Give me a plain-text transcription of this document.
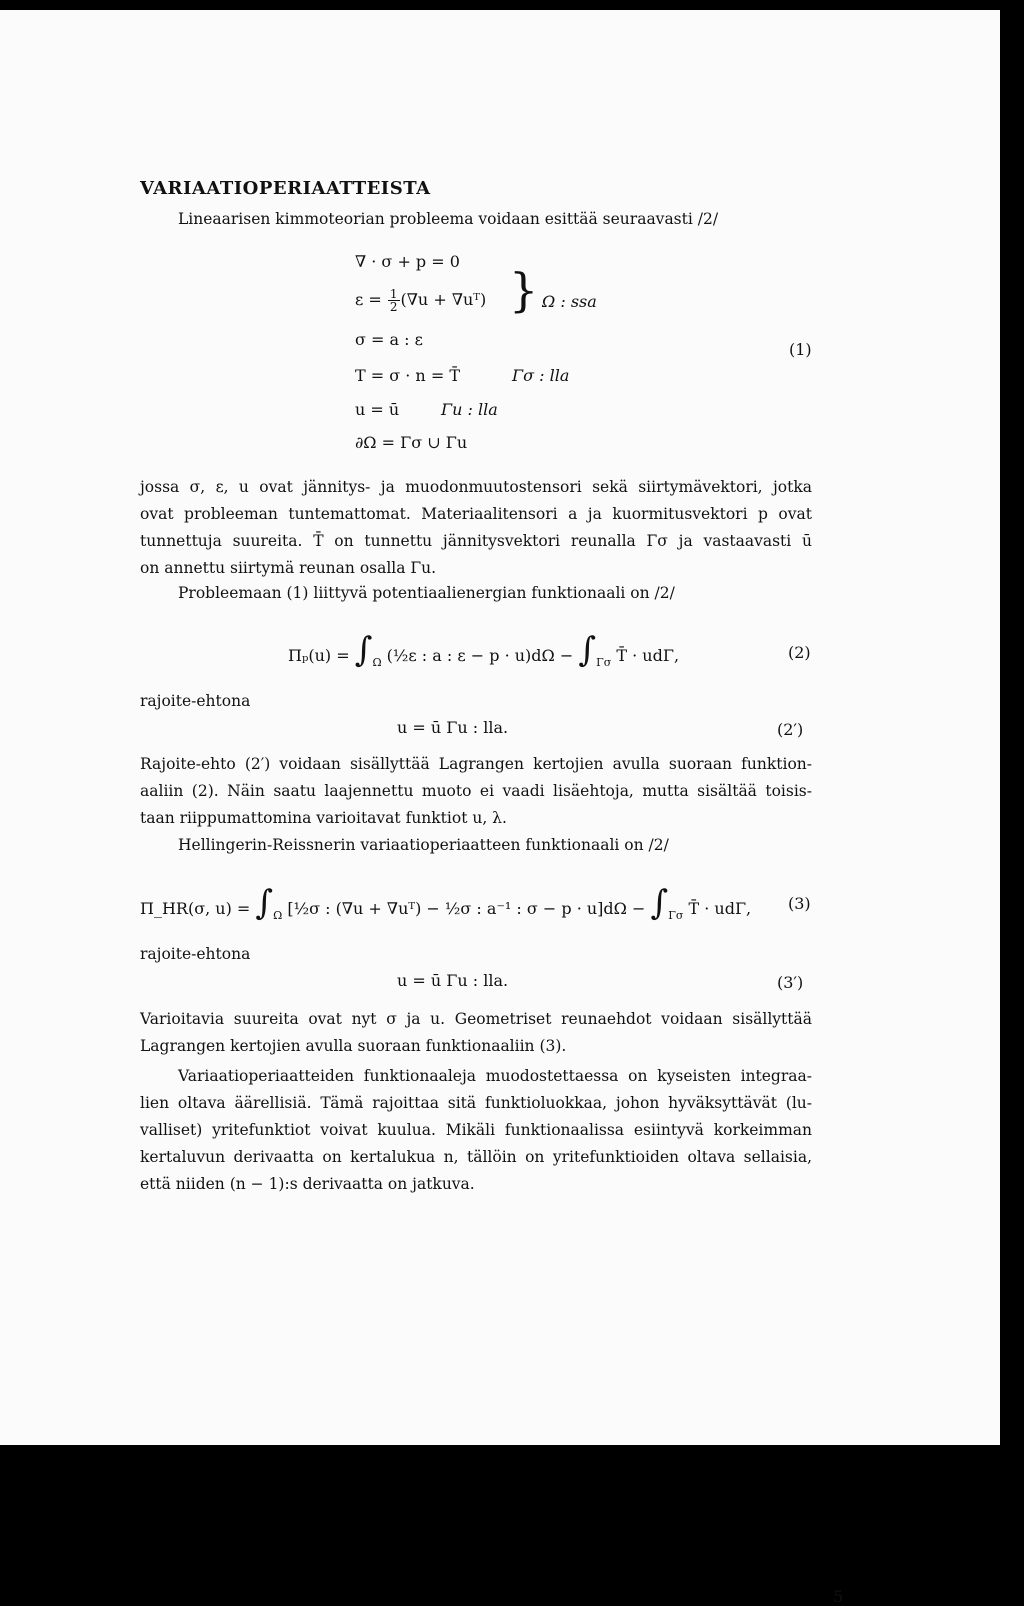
VARIAATIOPERIAATTEISTA
Lineaarisen kimmoteorian probleema voidaan esittää seuraavasti /2/
∇ · σ + p = 0
$\varepsilon = \frac{1}{2} (\nabla u$ + ∇uᵀ) } Ω : ssa
σ = a : ε
T = σ · n = T̄	Γσ : lla
u = ū	Γu : lla
∂Ω = Γσ ∪ Γu
(1)
jossa σ, ε, u ovat jännitys- ja muodonmuutostensori sekä siirtymävektori, jotka
ovat probleeman tuntemattomat. Materiaalitensori a ja kuormitusvektori p ovat
tunnettuja suureita. T̄ on tunnettu jännitysvektori reunalla Γσ ja vastaavasti ū
on annettu siirtymä reunan osalla Γu.
Probleemaan (1) liittyvä potentiaalienergian funktionaali on /2/
$\Pi_p(u) = \int_\Omega$ (½ε : a : $\varepsilon - p \cdot u)d\Omega - \int_{\Gamma\sigma}$ T̄ · udΓ,	(2)
rajoite-ehtona
u = ū Γu : lla.	(2′)
Rajoite-ehto (2′) voidaan sisällyttää Lagrangen kertojien avulla suoraan funktion-
aaliin (2). Näin saatu laajennettu muoto ei vaadi lisäehtoja, mutta sisältää toisis-
taan riippumattomina varioitavat funktiot u, λ.
Hellingerin-Reissnerin variaatioperiaatteen funktionaali on /2/
Π_HR(σ, $u) = \int_\Omega$ [½σ : (∇u + ∇uᵀ) − ½σ : a⁻¹ : $\sigma - p \cdot u]d\Omega - \int_{\Gamma\sigma}$ T̄ · udΓ, (3)
rajoite-ehtona
u = ū Γu : lla.	(3′)
Varioitavia suureita ovat nyt σ ja u. Geometriset reunaehdot voidaan sisällyttää
Lagrangen kertojien avulla suoraan funktionaaliin (3).
Variaatioperiaatteiden funktionaaleja muodostettaessa on kyseisten integraa-
lien oltava äärellisiä. Tämä rajoittaa sitä funktioluokkaa, johon hyväksyttävät (lu-
valliset) yritefunktiot voivat kuulua. Mikäli funktionaalissa esiintyvä korkeimman
kertaluvun derivaatta on kertalukua n, tällöin on yritefunktioiden oltava sellaisia,
että niiden (n − 1):s derivaatta on jatkuva.
5
